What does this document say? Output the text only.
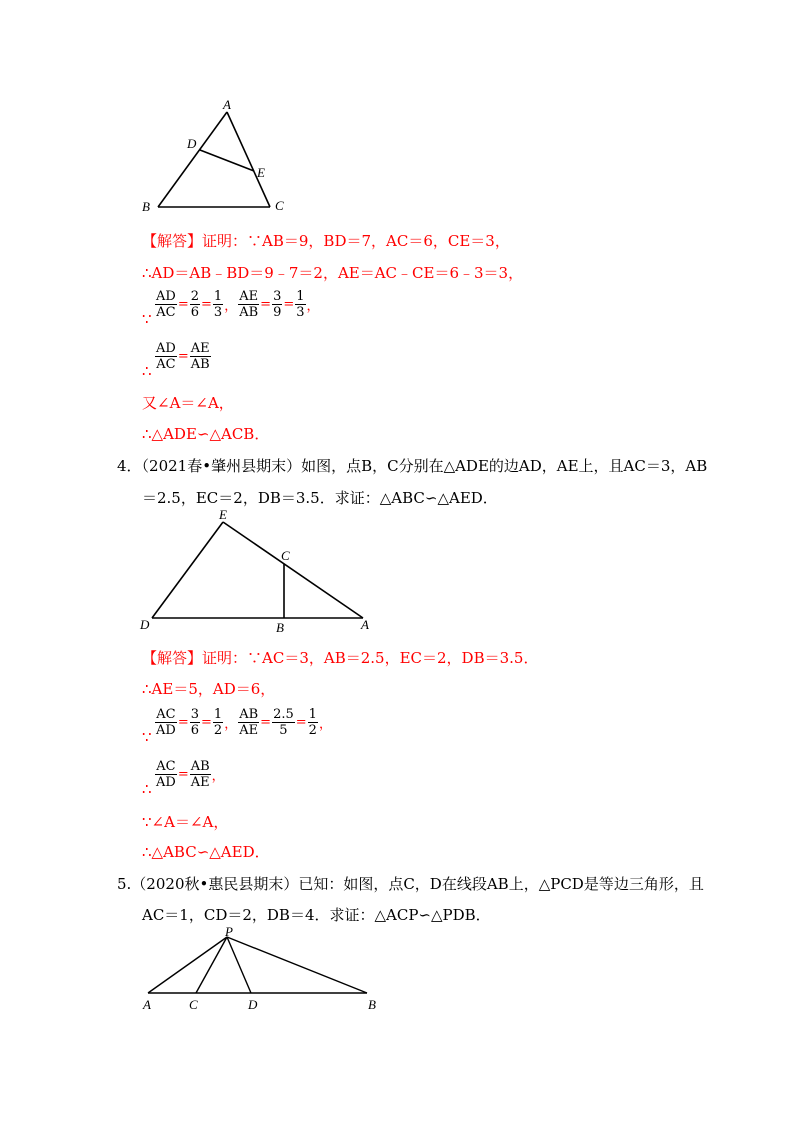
A
D
E
B	C
【解答】证明：∵AB＝9，BD＝7，AC＝6，CE＝3，
∴AD＝AB﹣BD＝9﹣7＝2，AE＝AC﹣CE＝6﹣3＝3，
∵ $\frac{AD}{AC} = \frac{2}{6} = \frac{1}{3}$ ， $\frac{AE}{AB} = \frac{3}{9} = \frac{1}{3}$ ，
∴ $\frac{AD}{AC} = \frac{AE}{AB}$
又∠A＝∠A，
∴△ADE∽△ACB．
4．（2021春•肇州县期末）如图，点B，C分别在△ADE的边AD，AE上，且AC＝3，AB
＝2.5，EC＝2，DB＝3.5．求证：△ABC∽△AED．
E
C
D	B	A
【解答】证明：∵AC＝3，AB＝2.5，EC＝2，DB＝3.5．
∴AE＝5，AD＝6，
∵ $\frac{AC}{AD} = \frac{3}{6} = \frac{1}{2}$ ， $\frac{AB}{AE} = \frac{2.5}{5} = \frac{1}{2}$ ，
∴ $\frac{AC}{AD} = \frac{AB}{AE}$ ，
∵∠A＝∠A，
∴△ABC∽△AED．
5.（2020秋•惠民县期末）已知：如图，点C，D在线段AB上，△PCD是等边三角形，且
AC＝1，CD＝2，DB＝4．求证：△ACP∽△PDB．
P
A	C	D	B
